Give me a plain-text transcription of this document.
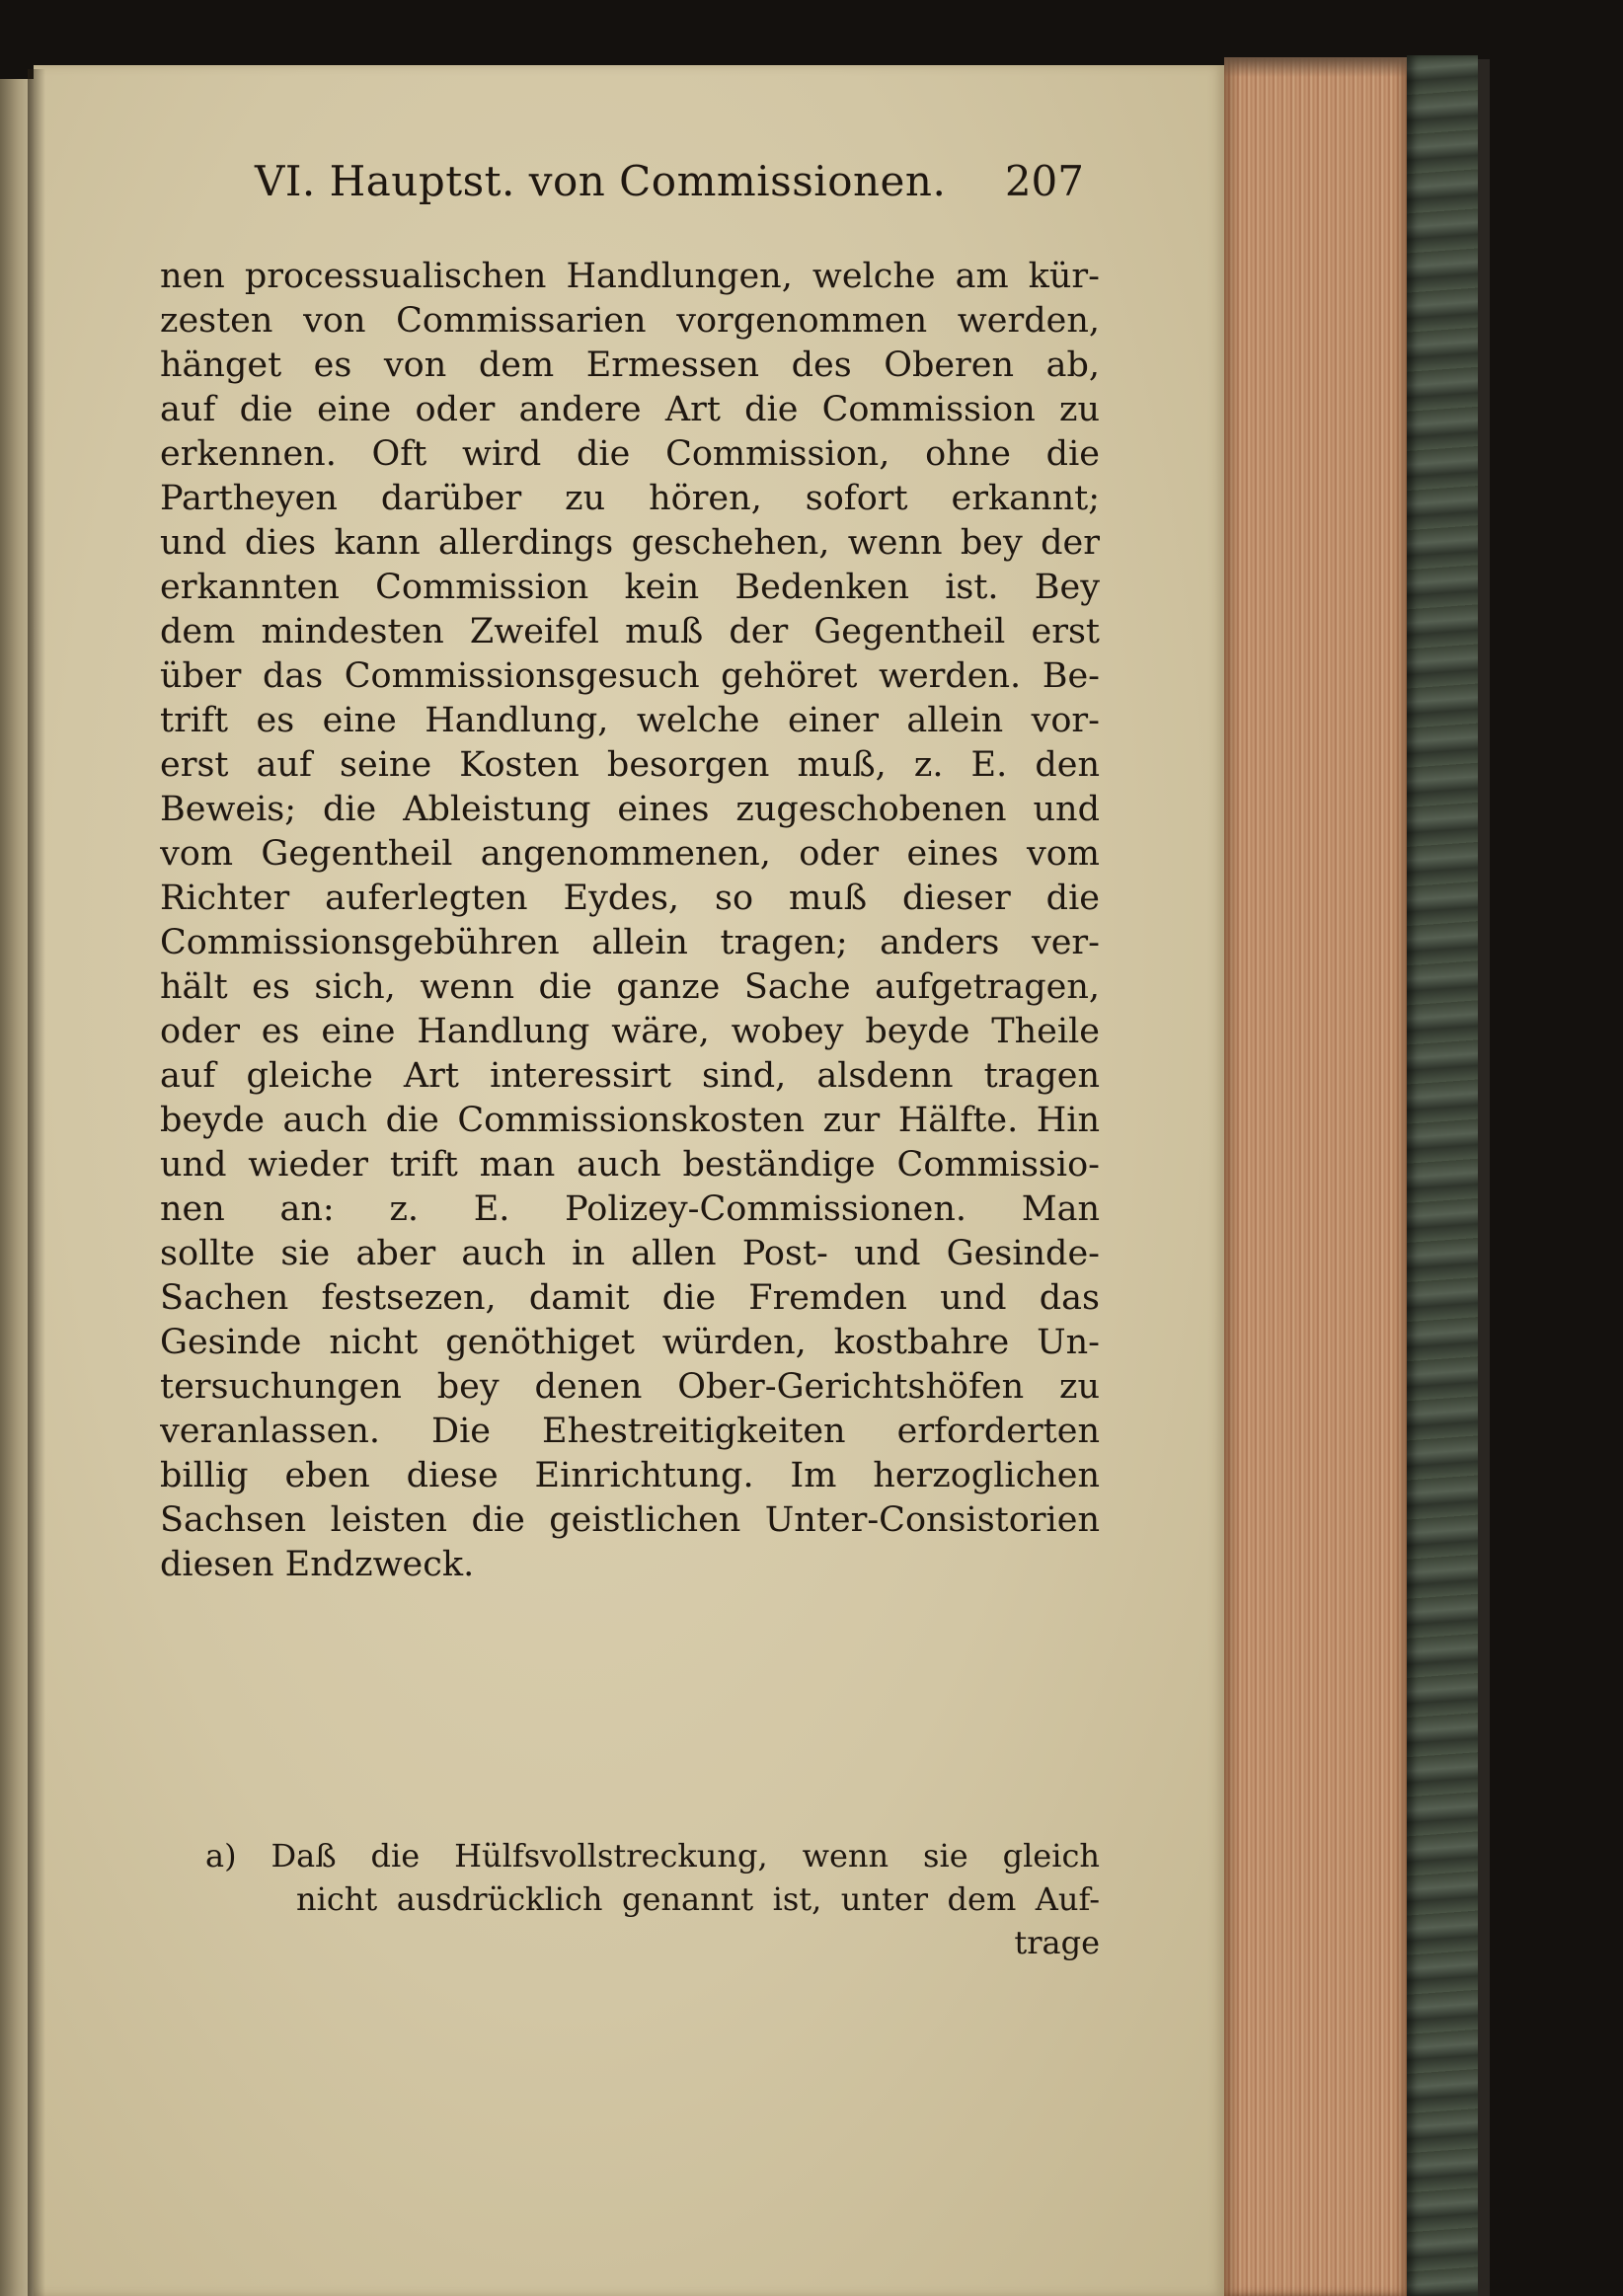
VI. Hauptst. von Commissionen. 207
nen processualischen Handlungen, welche am kür-
zesten von Commissarien vorgenommen werden,
hänget es von dem Ermessen des Oberen ab,
auf die eine oder andere Art die Commission zu
erkennen. Oft wird die Commission, ohne die
Partheyen darüber zu hören, sofort erkannt;
und dies kann allerdings geschehen, wenn bey der
erkannten Commission kein Bedenken ist. Bey
dem mindesten Zweifel muß der Gegentheil erst
über das Commissionsgesuch gehöret werden. Be-
trift es eine Handlung, welche einer allein vor-
erst auf seine Kosten besorgen muß, z. E. den
Beweis; die Ableistung eines zugeschobenen und
vom Gegentheil angenommenen, oder eines vom
Richter auferlegten Eydes, so muß dieser die
Commissionsgebühren allein tragen; anders ver-
hält es sich, wenn die ganze Sache aufgetragen,
oder es eine Handlung wäre, wobey beyde Theile
auf gleiche Art interessirt sind, alsdenn tragen
beyde auch die Commissionskosten zur Hälfte. Hin
und wieder trift man auch beständige Commissio-
nen an: z. E. Polizey-Commissionen. Man
sollte sie aber auch in allen Post- und Gesinde-
Sachen festsezen, damit die Fremden und das
Gesinde nicht genöthiget würden, kostbahre Un-
tersuchungen bey denen Ober-Gerichtshöfen zu
veranlassen. Die Ehestreitigkeiten erforderten
billig eben diese Einrichtung. Im herzoglichen
Sachsen leisten die geistlichen Unter-Consistorien
diesen Endzweck.
a) Daß die Hülfsvollstreckung, wenn sie gleich
nicht ausdrücklich genannt ist, unter dem Auf-
trage
